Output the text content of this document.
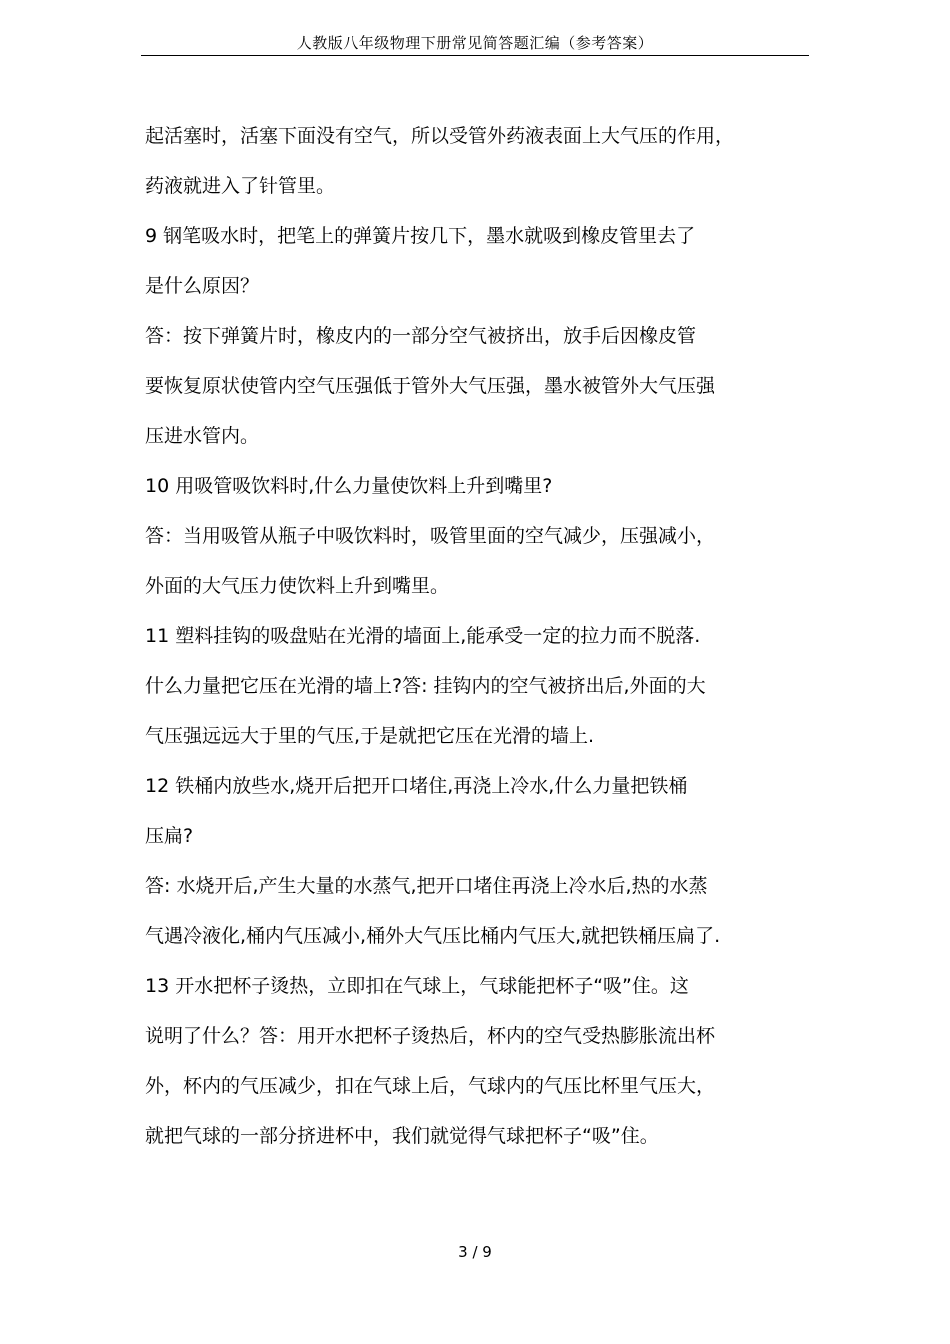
人教版八年级物理下册常见简答题汇编（参考答案）
起活塞时，活塞下面没有空气，所以受管外药液表面上大气压的作用，
药液就进入了针管里。
9 钢笔吸水时，把笔上的弹簧片按几下，墨水就吸到橡皮管里去了
是什么原因？
答：按下弹簧片时，橡皮内的一部分空气被挤出，放手后因橡皮管
要恢复原状使管内空气压强低于管外大气压强，墨水被管外大气压强
压进水管内。
10 用吸管吸饮料时,什么力量使饮料上升到嘴里?
答：当用吸管从瓶子中吸饮料时，吸管里面的空气减少，压强减小，
外面的大气压力使饮料上升到嘴里。
11 塑料挂钩的吸盘贴在光滑的墙面上,能承受一定的拉力而不脱落.
什么力量把它压在光滑的墙上?答: 挂钩内的空气被挤出后,外面的大
气压强远远大于里的气压,于是就把它压在光滑的墙上.
12 铁桶内放些水,烧开后把开口堵住,再浇上冷水,什么力量把铁桶
压扁?
答: 水烧开后,产生大量的水蒸气,把开口堵住再浇上冷水后,热的水蒸
气遇冷液化,桶内气压减小,桶外大气压比桶内气压大,就把铁桶压扁了.
13 开水把杯子烫热，立即扣在气球上，气球能把杯子“吸”住。这
说明了什么？答：用开水把杯子烫热后，杯内的空气受热膨胀流出杯
外，杯内的气压减少，扣在气球上后，气球内的气压比杯里气压大，
就把气球的一部分挤进杯中，我们就觉得气球把杯子“吸”住。
3 / 9
